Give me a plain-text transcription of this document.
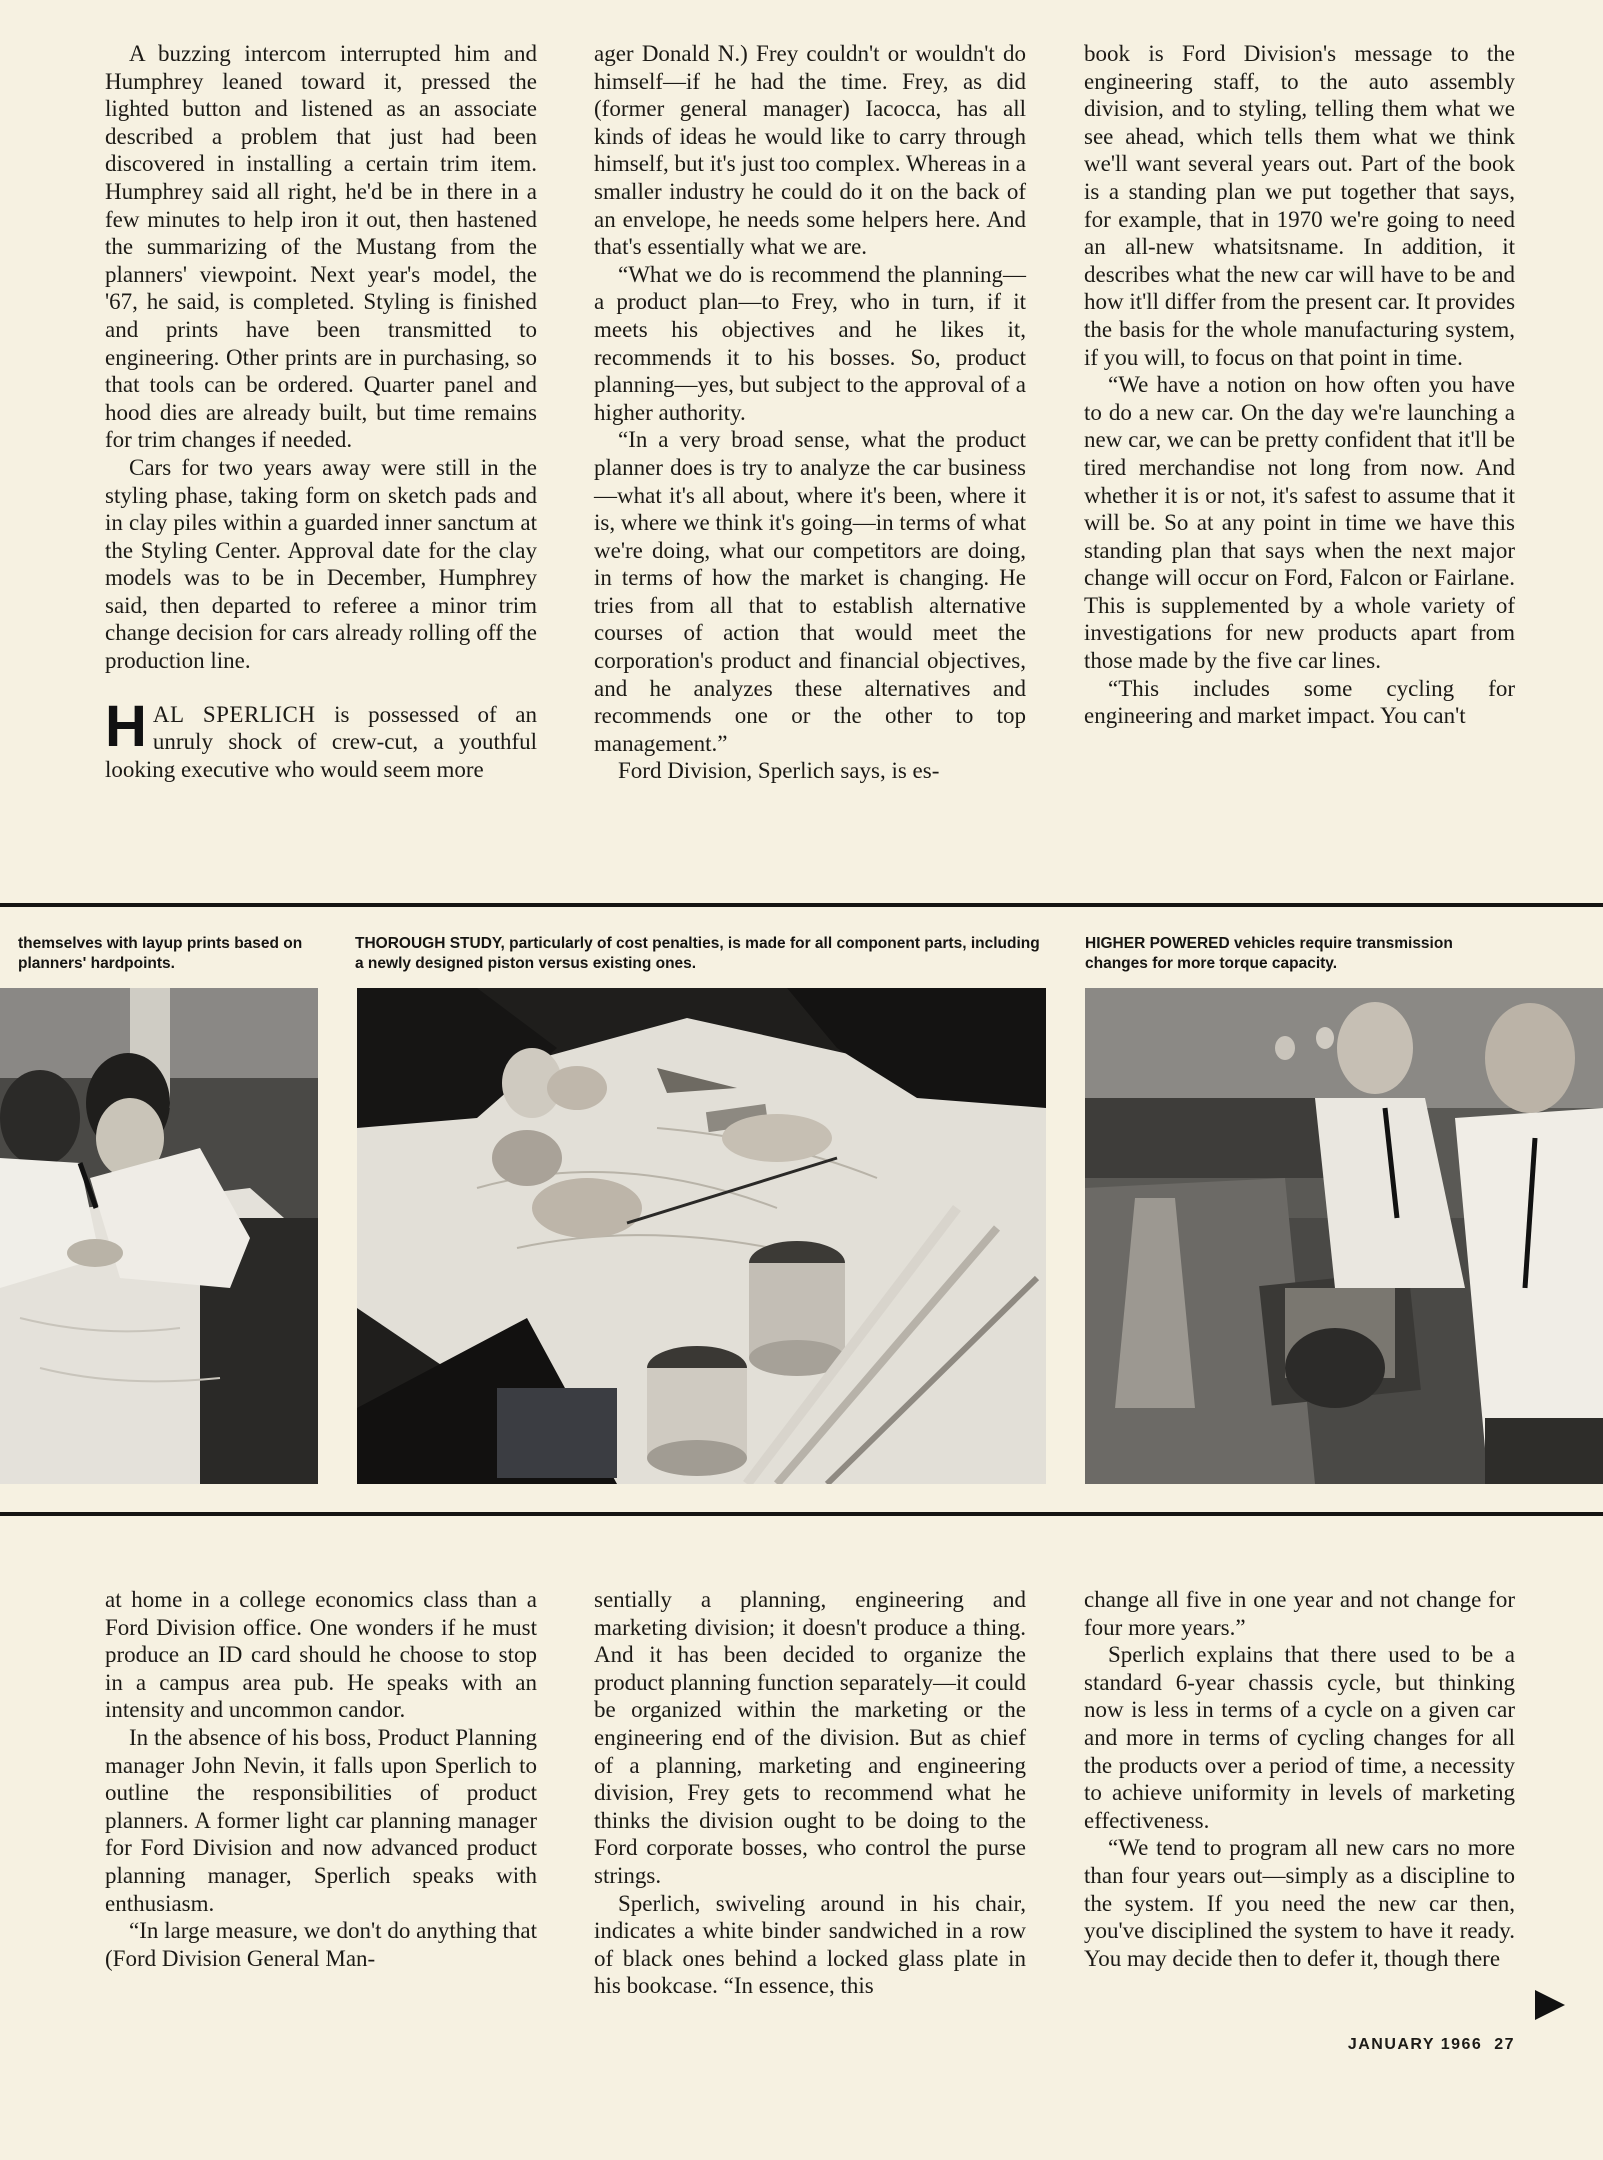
A buzzing intercom interrupted him and Humphrey leaned toward it, pressed the lighted button and listened as an associate described a problem that just had been discovered in installing a certain trim item. Humphrey said all right, he'd be in there in a few minutes to help iron it out, then hastened the summarizing of the Mustang from the planners' viewpoint. Next year's model, the '67, he said, is completed. Styling is finished and prints have been transmitted to engineering. Other prints are in purchasing, so that tools can be ordered. Quarter panel and hood dies are already built, but time remains for trim changes if needed.

Cars for two years away were still in the styling phase, taking form on sketch pads and in clay piles within a guarded inner sanctum at the Styling Center. Approval date for the clay models was to be in December, Humphrey said, then departed to referee a minor trim change decision for cars already rolling off the production line.

HAL SPERLICH is possessed of an unruly shock of crew-cut, a youthful looking executive who would seem more

ager Donald N.) Frey couldn't or wouldn't do himself—if he had the time. Frey, as did (former general manager) Iacocca, has all kinds of ideas he would like to carry through himself, but it's just too complex. Whereas in a smaller industry he could do it on the back of an envelope, he needs some helpers here. And that's essentially what we are.

“What we do is recommend the planning—a product plan—to Frey, who in turn, if it meets his objectives and he likes it, recommends it to his bosses. So, product planning—yes, but subject to the approval of a higher authority.

“In a very broad sense, what the product planner does is try to analyze the car business—what it's all about, where it's been, where it is, where we think it's going—in terms of what we're doing, what our competitors are doing, in terms of how the market is changing. He tries from all that to establish alternative courses of action that would meet the corporation's product and financial objectives, and he analyzes these alternatives and recommends one or the other to top management.”

Ford Division, Sperlich says, is es-

book is Ford Division's message to the engineering staff, to the auto assembly division, and to styling, telling them what we see ahead, which tells them what we think we'll want several years out. Part of the book is a standing plan we put together that says, for example, that in 1970 we're going to need an all-new whatsitsname. In addition, it describes what the new car will have to be and how it'll differ from the present car. It provides the basis for the whole manufacturing system, if you will, to focus on that point in time.

“We have a notion on how often you have to do a new car. On the day we're launching a new car, we can be pretty confident that it'll be tired merchandise not long from now. And whether it is or not, it's safest to assume that it will be. So at any point in time we have this standing plan that says when the next major change will occur on Ford, Falcon or Fairlane. This is supplemented by a whole variety of investigations for new products apart from those made by the five car lines.

“This includes some cycling for engineering and market impact. You can't

themselves with layup prints based on planners' hardpoints.
THOROUGH STUDY, particularly of cost penalties, is made for all component parts, including a newly designed piston versus existing ones.
HIGHER POWERED vehicles require transmission changes for more torque capacity.

at home in a college economics class than a Ford Division office. One wonders if he must produce an ID card should he choose to stop in a campus area pub. He speaks with an intensity and uncommon candor.

In the absence of his boss, Product Planning manager John Nevin, it falls upon Sperlich to outline the responsibilities of product planners. A former light car planning manager for Ford Division and now advanced product planning manager, Sperlich speaks with enthusiasm.

“In large measure, we don't do anything that (Ford Division General Man-

sentially a planning, engineering and marketing division; it doesn't produce a thing. And it has been decided to organize the product planning function separately—it could be organized within the marketing or the engineering end of the division. But as chief of a planning, marketing and engineering division, Frey gets to recommend what he thinks the division ought to be doing to the Ford corporate bosses, who control the purse strings.

Sperlich, swiveling around in his chair, indicates a white binder sandwiched in a row of black ones behind a locked glass plate in his bookcase. “In essence, this

change all five in one year and not change for four more years.”

Sperlich explains that there used to be a standard 6-year chassis cycle, but thinking now is less in terms of a cycle on a given car and more in terms of cycling changes for all the products over a period of time, a necessity to achieve uniformity in levels of marketing effectiveness.

“We tend to program all new cars no more than four years out—simply as a discipline to the system. If you need the new car then, you've disciplined the system to have it ready. You may decide then to defer it, though there

JANUARY 1966 27
